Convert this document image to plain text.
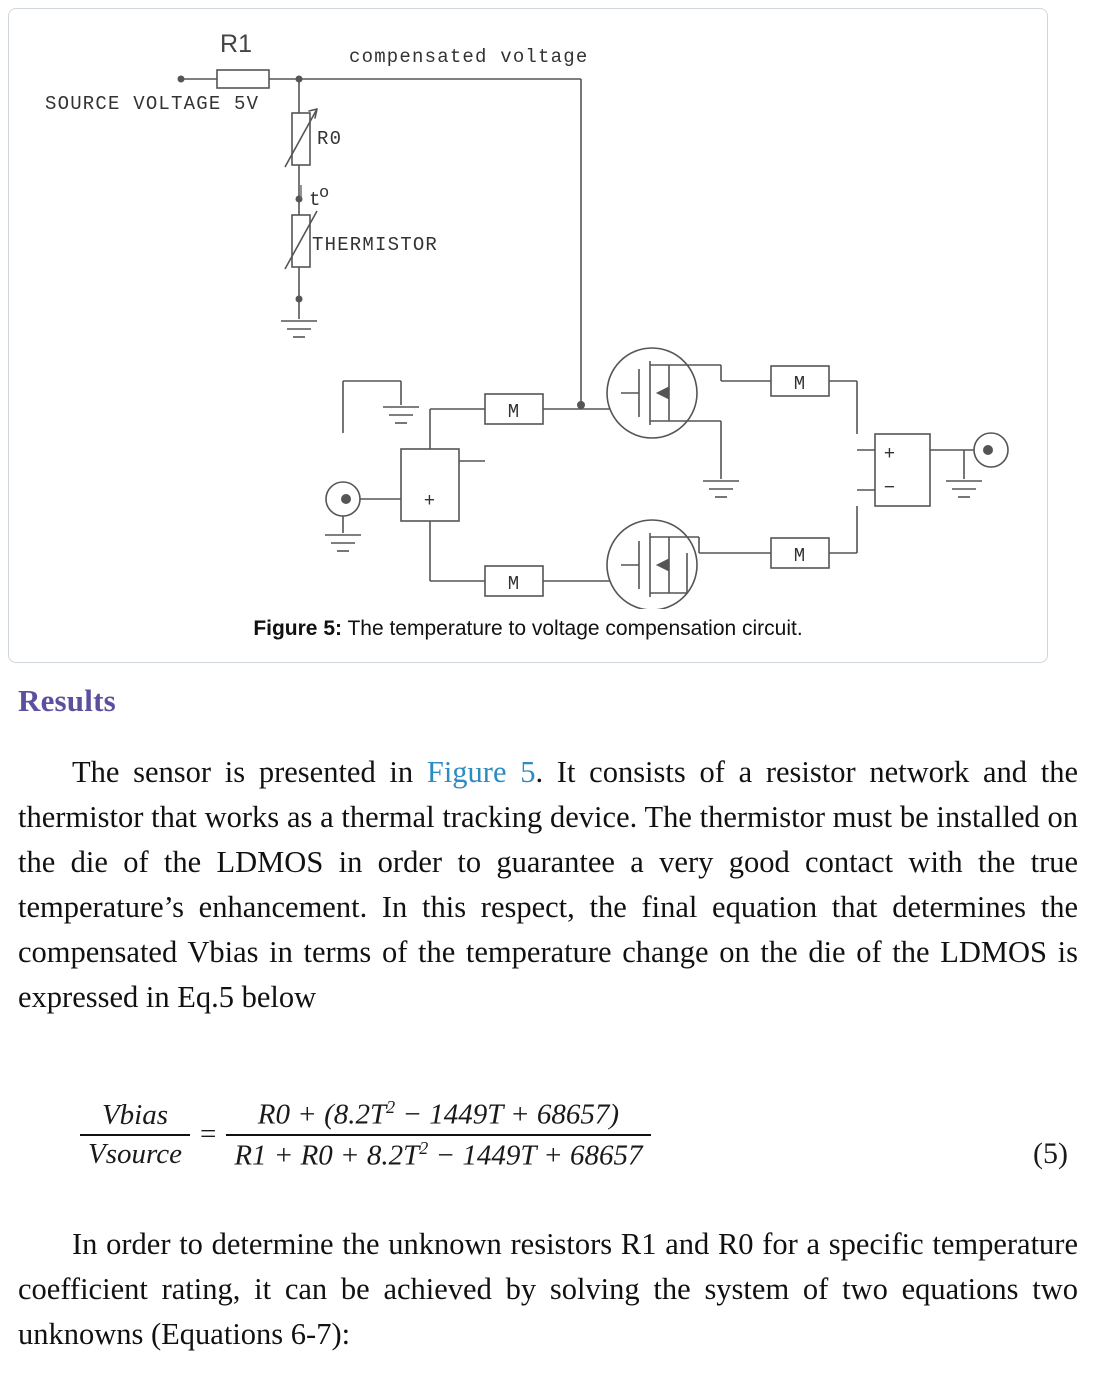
R1	compensated voltage
SOURCE VOLTAGE 5V
R0
t
o
THERMISTOR
+
M
M
M
M
+
−
Figure 5: The temperature to voltage compensation circuit.
Results
The sensor is presented in Figure 5. It consists of a resistor network and the thermistor that works as a thermal tracking device. The thermistor must be installed on the die of the LDMOS in order to guarantee a very good contact with the true temperature’s enhancement. In this respect, the final equation that determines the compensated Vbias in terms of the temperature change on the die of the LDMOS is expressed in Eq.5 below
$\frac{\text{Vbias}}{\text{Vsource}} = \frac{R0 + (8.2T^2 - 1449T + 68657)}{R1 + R0 + 8.2T^2 - 1449T + 68657}$	(5)
In order to determine the unknown resistors R1 and R0 for a specific temperature coefficient rating, it can be achieved by solving the system of two equations two unknowns (Equations 6-7):
